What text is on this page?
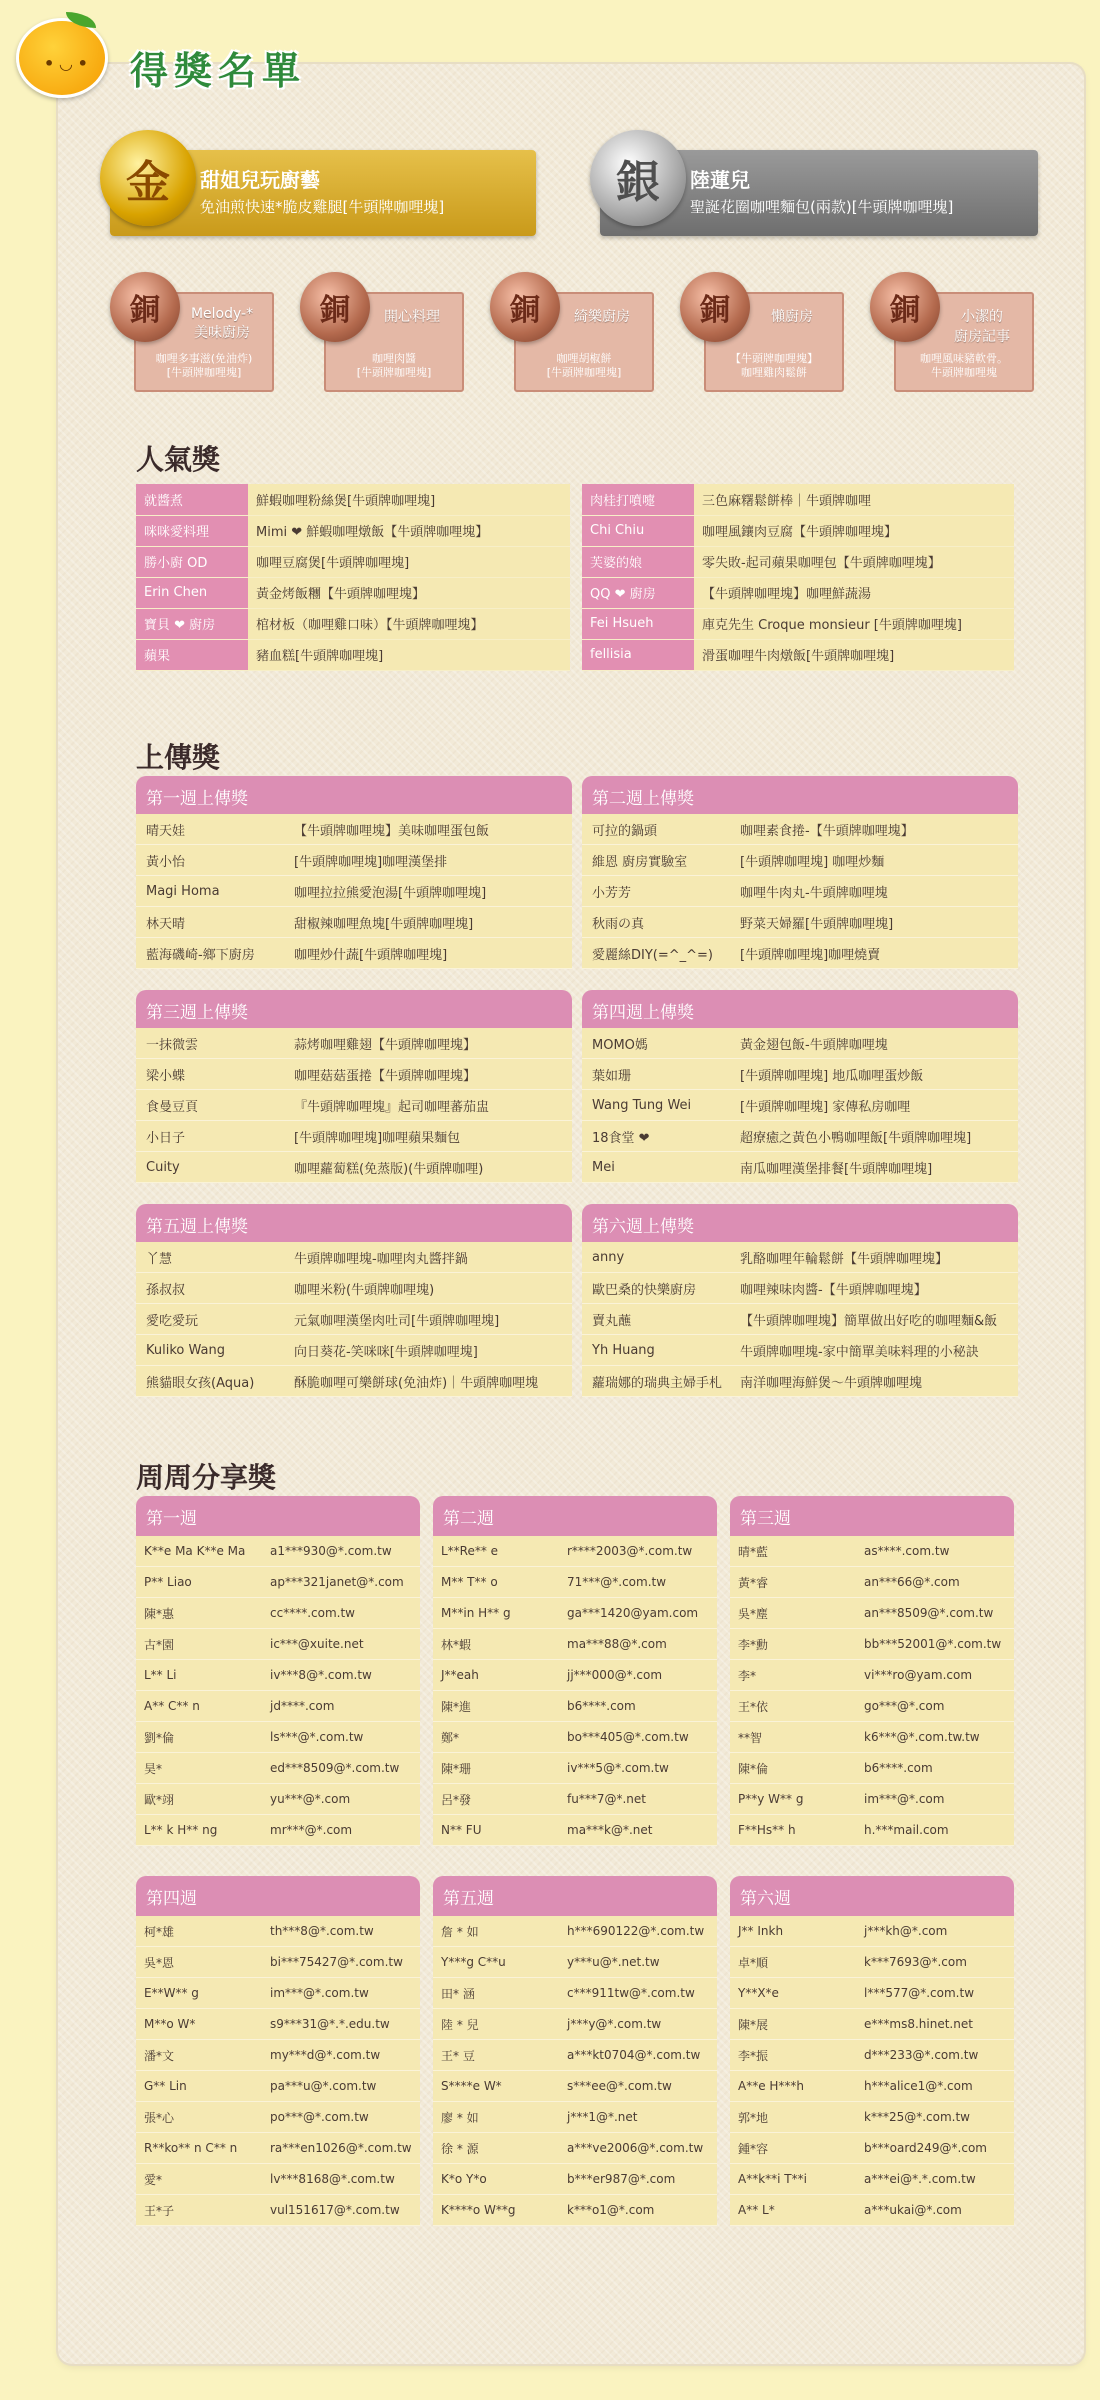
• ◡ • 得獎名單
甜姐兒玩廚藝
免油煎快速*脆皮雞腿[牛頭牌咖哩塊]
金	陸蓮兒
聖誕花圈咖哩麵包(兩款)[牛頭牌咖哩塊]
銀
Melody-*
美味廚房
咖哩多事滋(免油炸)
[牛頭牌咖哩塊]
銅	開心料理
咖哩肉醬
[牛頭牌咖哩塊]
銅	綺樂廚房
咖哩胡椒餅
[牛頭牌咖哩塊]
銅	懶廚房
【牛頭牌咖哩塊】
咖哩雞肉鬆餅
銅	小潔的
廚房記事
咖哩風味豬軟骨。
牛頭牌咖哩塊
銅
人氣獎
就醬煮	鮮蝦咖哩粉絲煲[牛頭牌咖哩塊]
咪咪愛料理	Mimi ❤ 鮮蝦咖哩燉飯【牛頭牌咖哩塊】
勝小廚 OD	咖哩豆腐煲[牛頭牌咖哩塊]
Erin Chen	黃金烤飯糰【牛頭牌咖哩塊】
寶貝 ❤ 廚房	棺材板（咖哩雞口味）【牛頭牌咖哩塊】
蘋果	豬血糕[牛頭牌咖哩塊]
肉桂打噴嚏	三色麻糬鬆餅棒｜牛頭牌咖哩
Chi Chiu	咖哩風鑲肉豆腐【牛頭牌咖哩塊】
芙婆的娘	零失敗-起司蘋果咖哩包【牛頭牌咖哩塊】
QQ ❤ 廚房	【牛頭牌咖哩塊】咖哩鮮蔬湯
Fei Hsueh	庫克先生 Croque monsieur [牛頭牌咖哩塊]
fellisia	滑蛋咖哩牛肉燉飯[牛頭牌咖哩塊]
上傳獎
第一週上傳獎
晴天娃	【牛頭牌咖哩塊】美味咖哩蛋包飯
黃小怡	[牛頭牌咖哩塊]咖哩漢堡排
Magi Homa	咖哩拉拉熊愛泡湯[牛頭牌咖哩塊]
林天晴	甜椒辣咖哩魚塊[牛頭牌咖哩塊]
藍海磯崎-鄉下廚房	咖哩炒什蔬[牛頭牌咖哩塊]
第二週上傳獎
可拉的鍋頭	咖哩素食捲-【牛頭牌咖哩塊】
維恩 廚房實驗室	[牛頭牌咖哩塊] 咖哩炒麵
小芳芳	咖哩牛肉丸-牛頭牌咖哩塊
秋雨の真	野菜天婦羅[牛頭牌咖哩塊]
愛麗絲DIY(=^_^=)	[牛頭牌咖哩塊]咖哩燒賣
第三週上傳獎
一抹微雲	蒜烤咖哩雞翅【牛頭牌咖哩塊】
梁小蝶	咖哩菇菇蛋捲【牛頭牌咖哩塊】
食曼豆頁	『牛頭牌咖哩塊』起司咖哩蕃茄盅
小日子	[牛頭牌咖哩塊]咖哩蘋果麵包
Cuity	咖哩蘿蔔糕(免蒸版)(牛頭牌咖哩)
第四週上傳獎
MOMO媽	黃金翅包飯-牛頭牌咖哩塊
葉如珊	[牛頭牌咖哩塊] 地瓜咖哩蛋炒飯
Wang Tung Wei	[牛頭牌咖哩塊] 家傳私房咖哩
18食堂 ❤	超療癒之黃色小鴨咖哩飯[牛頭牌咖哩塊]
Mei	南瓜咖哩漢堡排餐[牛頭牌咖哩塊]
第五週上傳獎
丫慧	牛頭牌咖哩塊-咖哩肉丸醬拌鍋
孫叔叔	咖哩米粉(牛頭牌咖哩塊)
愛吃愛玩	元氣咖哩漢堡肉吐司[牛頭牌咖哩塊]
Kuliko Wang	向日葵花-笑咪咪[牛頭牌咖哩塊]
熊貓眼女孩(Aqua)	酥脆咖哩可樂餅球(免油炸)｜牛頭牌咖哩塊
第六週上傳獎
anny	乳酪咖哩年輪鬆餅【牛頭牌咖哩塊】
歐巴桑的快樂廚房	咖哩辣味肉醬-【牛頭牌咖哩塊】
賣丸蘸	【牛頭牌咖哩塊】簡單做出好吃的咖哩麵&飯
Yh Huang	牛頭牌咖哩塊-家中簡單美味料理的小秘訣
蘿瑞娜的瑞典主婦手札	南洋咖哩海鮮煲～牛頭牌咖哩塊
周周分享獎
第一週
K**e Ma K**e Ma	a1***930@*.com.tw
P** Liao	ap***321janet@*.com
陳*惠	cc****.com.tw
古*園	ic***@xuite.net
L** Li	iv***8@*.com.tw
A** C** n	jd****.com
劉*倫	ls***@*.com.tw
昊*	ed***8509@*.com.tw
歐*翊	yu***@*.com
L** k H** ng	mr***@*.com
第二週
L**Re** e	r****2003@*.com.tw
M** T** o	71***@*.com.tw
M**in H** g	ga***1420@yam.com
林*蝦	ma***88@*.com
J**eah	jj***000@*.com
陳*進	b6****.com
鄭*	bo***405@*.com.tw
陳*珊	iv***5@*.com.tw
呂*發	fu***7@*.net
N** FU	ma***k@*.net
第三週
晴*藍	as****.com.tw
黃*睿	an***66@*.com
吳*塵	an***8509@*.com.tw
李*勳	bb***52001@*.com.tw
李*	vi***ro@yam.com
王*依	go***@*.com
**智	k6***@*.com.tw.tw
陳*倫	b6****.com
P**y W** g	im***@*.com
F**Hs** h	h.***mail.com
第四週
柯*雄	th***8@*.com.tw
吳*恩	bi***75427@*.com.tw
E**W** g	im***@*.com.tw
M**o W*	s9***31@*.*.edu.tw
潘*文	my***d@*.com.tw
G** Lin	pa***u@*.com.tw
張*心	po***@*.com.tw
R**ko** n C** n	ra***en1026@*.com.tw
愛*	lv***8168@*.com.tw
王*子	vul151617@*.com.tw
第五週
詹 * 如	h***690122@*.com.tw
Y***g C**u	y***u@*.net.tw
田* 涵	c***911tw@*.com.tw
陸 * 兒	j***y@*.com.tw
王* 豆	a***kt0704@*.com.tw
S****e W*	s***ee@*.com.tw
廖 * 如	j***1@*.net
徐 * 源	a***ve2006@*.com.tw
K*o Y*o	b***er987@*.com
K****o W**g	k***o1@*.com
第六週
J** Inkh	j***kh@*.com
卓*順	k***7693@*.com
Y**X*e	l***577@*.com.tw
陳*展	e***ms8.hinet.net
李*振	d***233@*.com.tw
A**e H***h	h***alice1@*.com
郭*地	k***25@*.com.tw
鍾*容	b***oard249@*.com
A**k**i T**i	a***ei@*.*.com.tw
A** L*	a***ukai@*.com
